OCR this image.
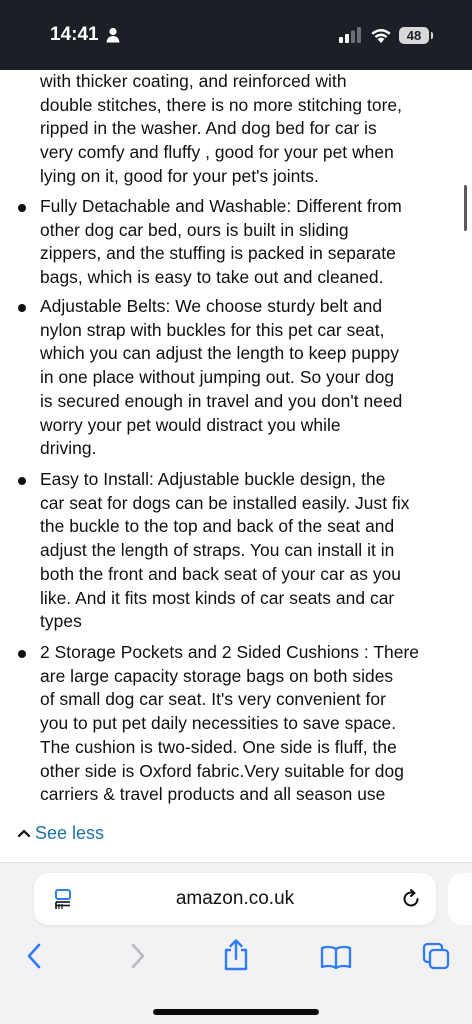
14:41	48
with thicker coating, and reinforced with
double stitches, there is no more stitching tore,
ripped in the washer. And dog bed for car is
very comfy and fluffy , good for your pet when
lying on it, good for your pet's joints.
Fully Detachable and Washable: Different from
other dog car bed, ours is built in sliding
zippers, and the stuffing is packed in separate
bags, which is easy to take out and cleaned.
Adjustable Belts: We choose sturdy belt and
nylon strap with buckles for this pet car seat,
which you can adjust the length to keep puppy
in one place without jumping out. So your dog
is secured enough in travel and you don't need
worry your pet would distract you while
driving.
Easy to Install: Adjustable buckle design, the
car seat for dogs can be installed easily. Just fix
the buckle to the top and back of the seat and
adjust the length of straps. You can install it in
both the front and back seat of your car as you
like. And it fits most kinds of car seats and car
types
2 Storage Pockets and 2 Sided Cushions : There
are large capacity storage bags on both sides
of small dog car seat. It's very convenient for
you to put pet daily necessities to save space.
The cushion is two-sided. One side is fluff, the
other side is Oxford fabric.Very suitable for dog
carriers & travel products and all season use
See less
amazon.co.uk
